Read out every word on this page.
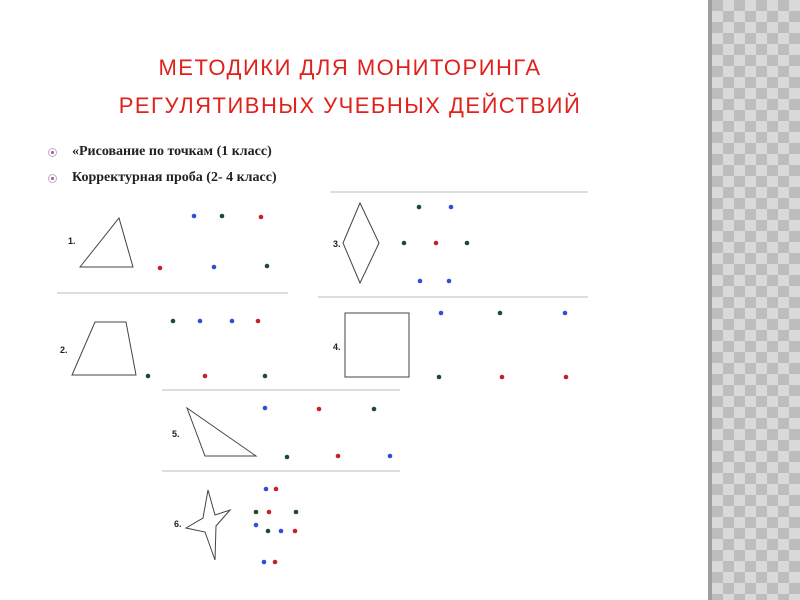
МЕТОДИКИ ДЛЯ МОНИТОРИНГА
РЕГУЛЯТИВНЫХ УЧЕБНЫХ ДЕЙСТВИЙ
«Рисование по точкам (1 класс)
Корректурная проба (2- 4 класс)
1.
2.
3.
4.
5.
6.
